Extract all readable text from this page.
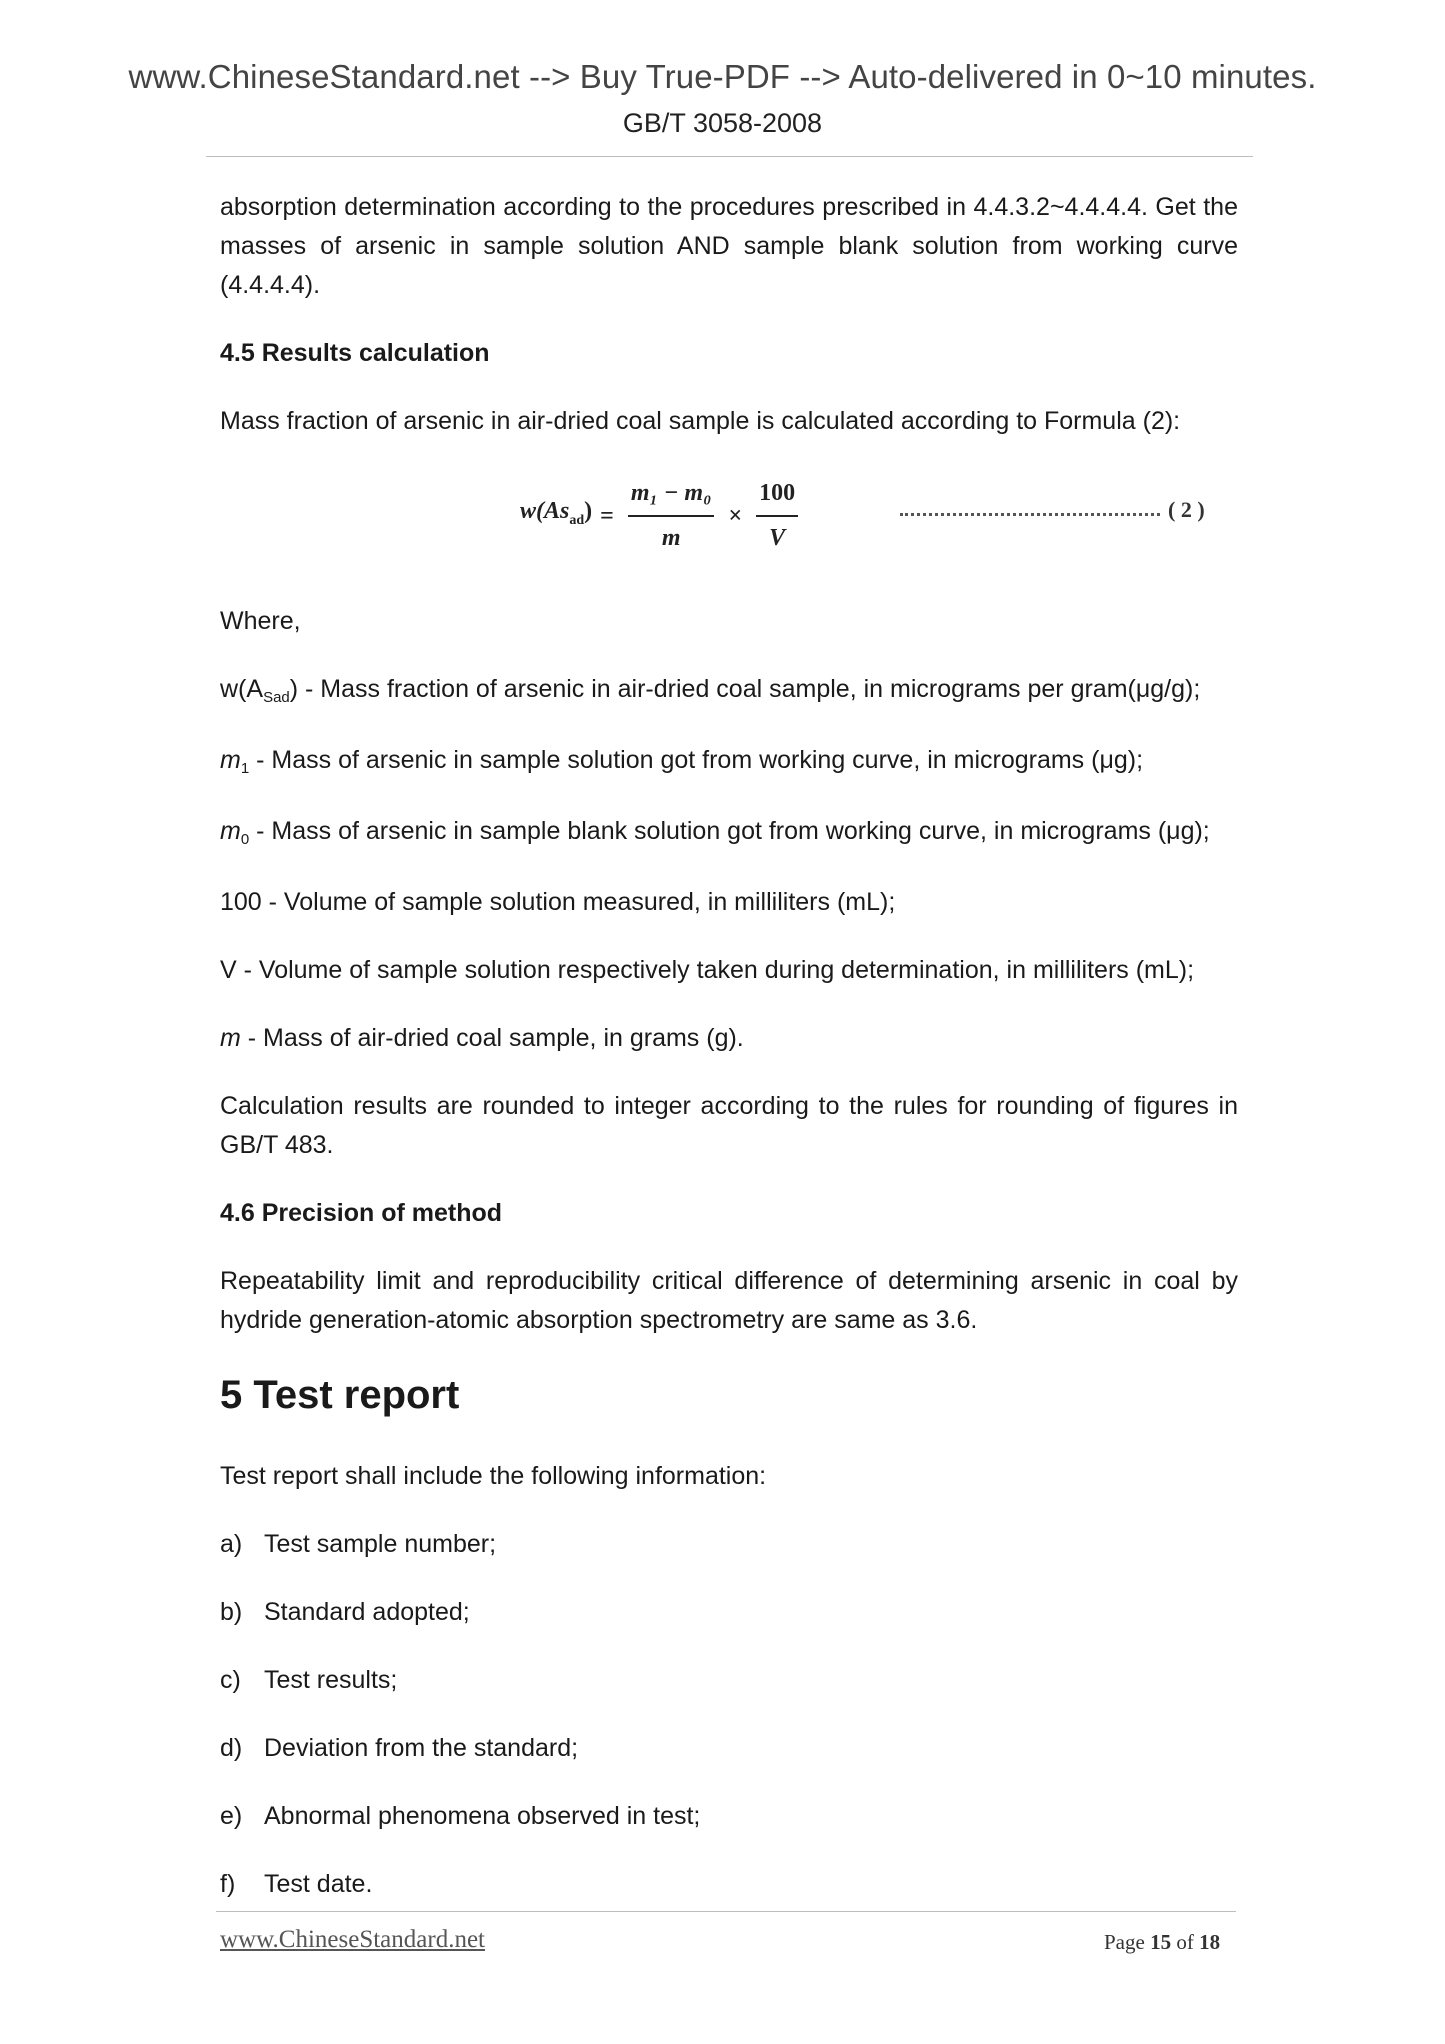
www.ChineseStandard.net --> Buy True-PDF --> Auto-delivered in 0~10 minutes.
GB/T 3058-2008

absorption determination according to the procedures prescribed in 4.4.3.2~4.4.4.4. Get the masses of arsenic in sample solution AND sample blank solution from working curve (4.4.4.4).

4.5 Results calculation

Mass fraction of arsenic in air-dried coal sample is calculated according to Formula (2):

$w(As_{ad}) = \frac{\text{m₁ − m₀}}{m} \times \frac{100}{V}$	( 2 )

Where,

$w(A_{Sad})$ - Mass fraction of arsenic in air-dried coal sample, in micrograms per gram(μg/g);

$m_1$ - Mass of arsenic in sample solution got from working curve, in micrograms (μg);

$m_0$ - Mass of arsenic in sample blank solution got from working curve, in micrograms (μg);

100 - Volume of sample solution measured, in milliliters (mL);

V - Volume of sample solution respectively taken during determination, in milliliters (mL);

m - Mass of air-dried coal sample, in grams (g).

Calculation results are rounded to integer according to the rules for rounding of figures in GB/T 483.

4.6 Precision of method

Repeatability limit and reproducibility critical difference of determining arsenic in coal by hydride generation-atomic absorption spectrometry are same as 3.6.

5 Test report

Test report shall include the following information:

a) Test sample number;
b) Standard adopted;
c) Test results;
d) Deviation from the standard;
e) Abnormal phenomena observed in test;
f)	Test date.
www.ChineseStandard.net	Page 15 of 18
